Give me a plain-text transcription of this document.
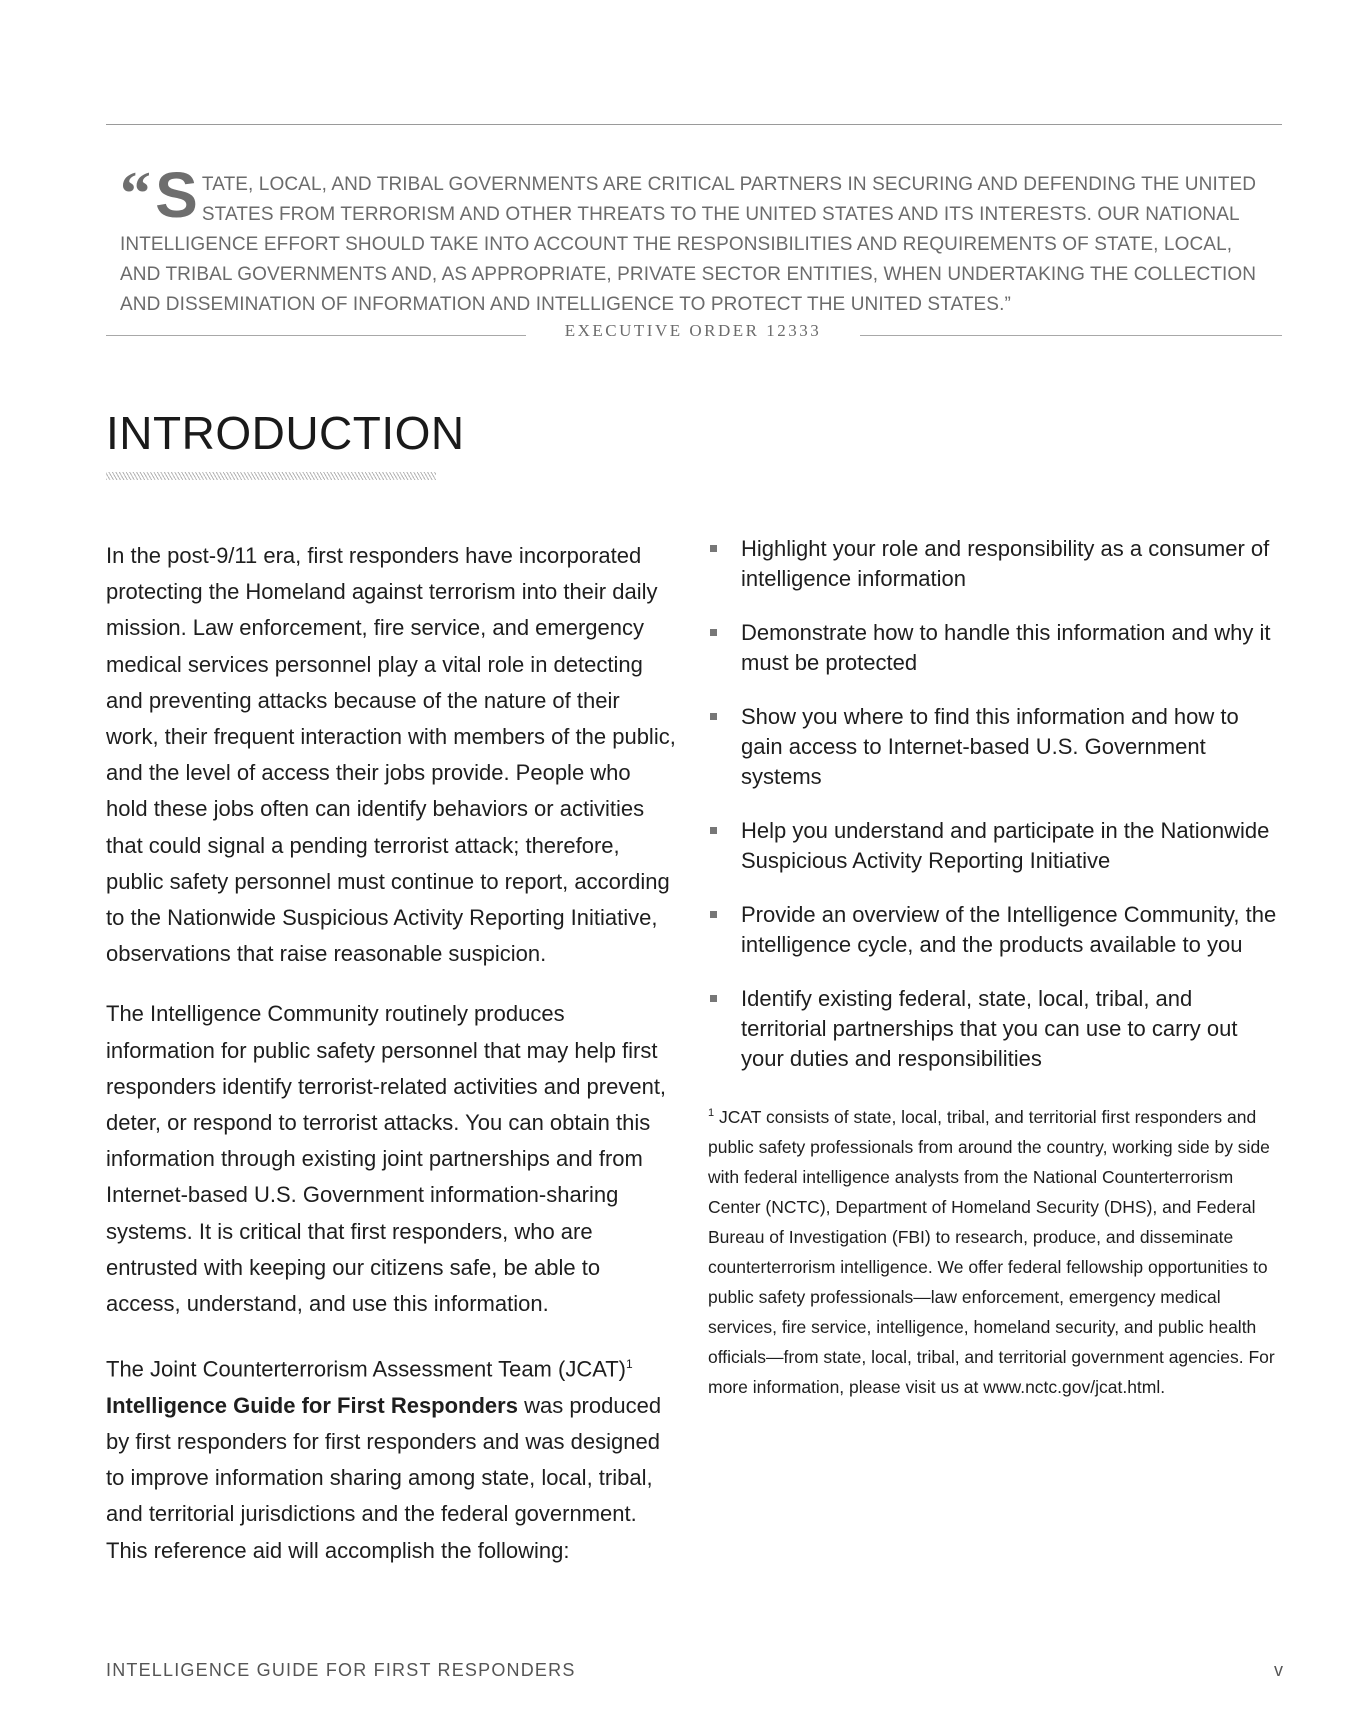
“ S TATE, LOCAL, AND TRIBAL GOVERNMENTS ARE CRITICAL PARTNERS IN SECURING AND DEFENDING THE UNITED STATES FROM TERRORISM AND OTHER THREATS TO THE UNITED STATES AND ITS INTERESTS. OUR NATIONAL INTELLIGENCE EFFORT SHOULD TAKE INTO ACCOUNT THE RESPONSIBILITIES AND REQUIREMENTS OF STATE, LOCAL, AND TRIBAL GOVERNMENTS AND, AS APPROPRIATE, PRIVATE SECTOR ENTITIES, WHEN UNDERTAKING THE COLLECTION AND DISSEMINATION OF INFORMATION AND INTELLIGENCE TO PROTECT THE UNITED STATES.”
EXECUTIVE ORDER 12333
INTRODUCTION

In the post-9/11 era, first responders have incorporated protecting the Homeland against terrorism into their daily mission. Law enforcement, fire service, and emergency medical services personnel play a vital role in detecting and preventing attacks because of the nature of their work, their frequent interaction with members of the public, and the level of access their jobs provide. People who hold these jobs often can identify behaviors or activities that could signal a pending terrorist attack; therefore, public safety personnel must continue to report, according to the Nationwide Suspicious Activity Reporting Initiative, observations that raise reasonable suspicion.

The Intelligence Community routinely produces information for public safety personnel that may help first responders identify terrorist-related activities and prevent, deter, or respond to terrorist attacks. You can obtain this information through existing joint partnerships and from Internet-based U.S. Government information-sharing systems. It is critical that first responders, who are entrusted with keeping our citizens safe, be able to access, understand, and use this information.

The Joint Counterterrorism Assessment Team (JCAT)$^1$
Intelligence Guide for First Responders was produced by first responders for first responders and was designed to improve information sharing among state, local, tribal, and territorial jurisdictions and the federal government. This reference aid will accomplish the following:

Highlight your role and responsibility as a consumer of intelligence information
Demonstrate how to handle this information and why it must be protected
Show you where to find this information and how to gain access to Internet-based U.S. Government systems
Help you understand and participate in the Nationwide Suspicious Activity Reporting Initiative
Provide an overview of the Intelligence Community, the intelligence cycle, and the products available to you
Identify existing federal, state, local, tribal, and territorial partnerships that you can use to carry out your duties and responsibilities
$^1$ JCAT consists of state, local, tribal, and territorial first responders and public safety professionals from around the country, working side by side with federal intelligence analysts from the National Counterterrorism Center (NCTC), Department of Homeland Security (DHS), and Federal Bureau of Investigation (FBI) to research, produce, and disseminate counterterrorism intelligence. We offer federal fellowship opportunities to public safety professionals—law enforcement, emergency medical services, fire service, intelligence, homeland security, and public health officials—from state, local, tribal, and territorial government agencies. For more information, please visit us at www.nctc.gov/jcat.html.
INTELLIGENCE GUIDE FOR FIRST RESPONDERS	v
